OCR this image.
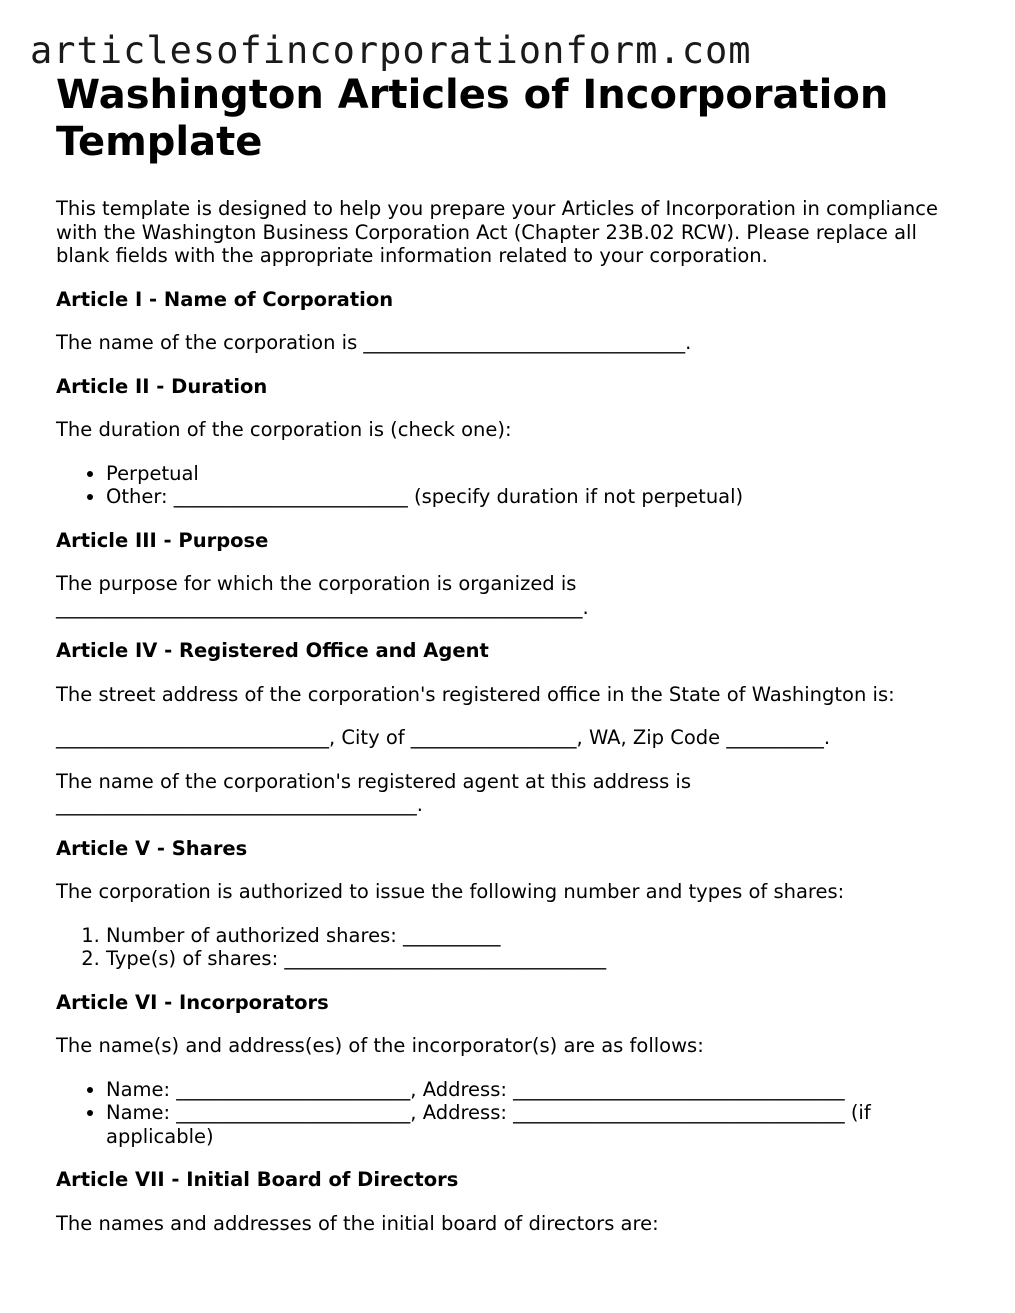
articlesofincorporationform.com
Washington Articles of Incorporation Template

This template is designed to help you prepare your Articles of Incorporation in compliance with the Washington Business Corporation Act (Chapter 23B.02 RCW). Please replace all blank fields with the appropriate information related to your corporation.

Article I - Name of Corporation

The name of the corporation is _________________________________.

Article II - Duration

The duration of the corporation is (check one):

• Perpetual
• Other: ________________________ (specify duration if not perpetual)
Article III - Purpose

The purpose for which the corporation is organized is ______________________________________________________.

Article IV - Registered Office and Agent

The street address of the corporation's registered office in the State of Washington is:

____________________________, City of _________________, WA, Zip Code __________.

The name of the corporation's registered agent at this address is _____________________________________.

Article V - Shares

The corporation is authorized to issue the following number and types of shares:

1. Number of authorized shares: __________
2. Type(s) of shares: _________________________________
Article VI - Incorporators

The name(s) and address(es) of the incorporator(s) are as follows:

• Name: ________________________, Address: __________________________________
• Name: ________________________, Address: __________________________________ (if applicable)
Article VII - Initial Board of Directors

The names and addresses of the initial board of directors are:
